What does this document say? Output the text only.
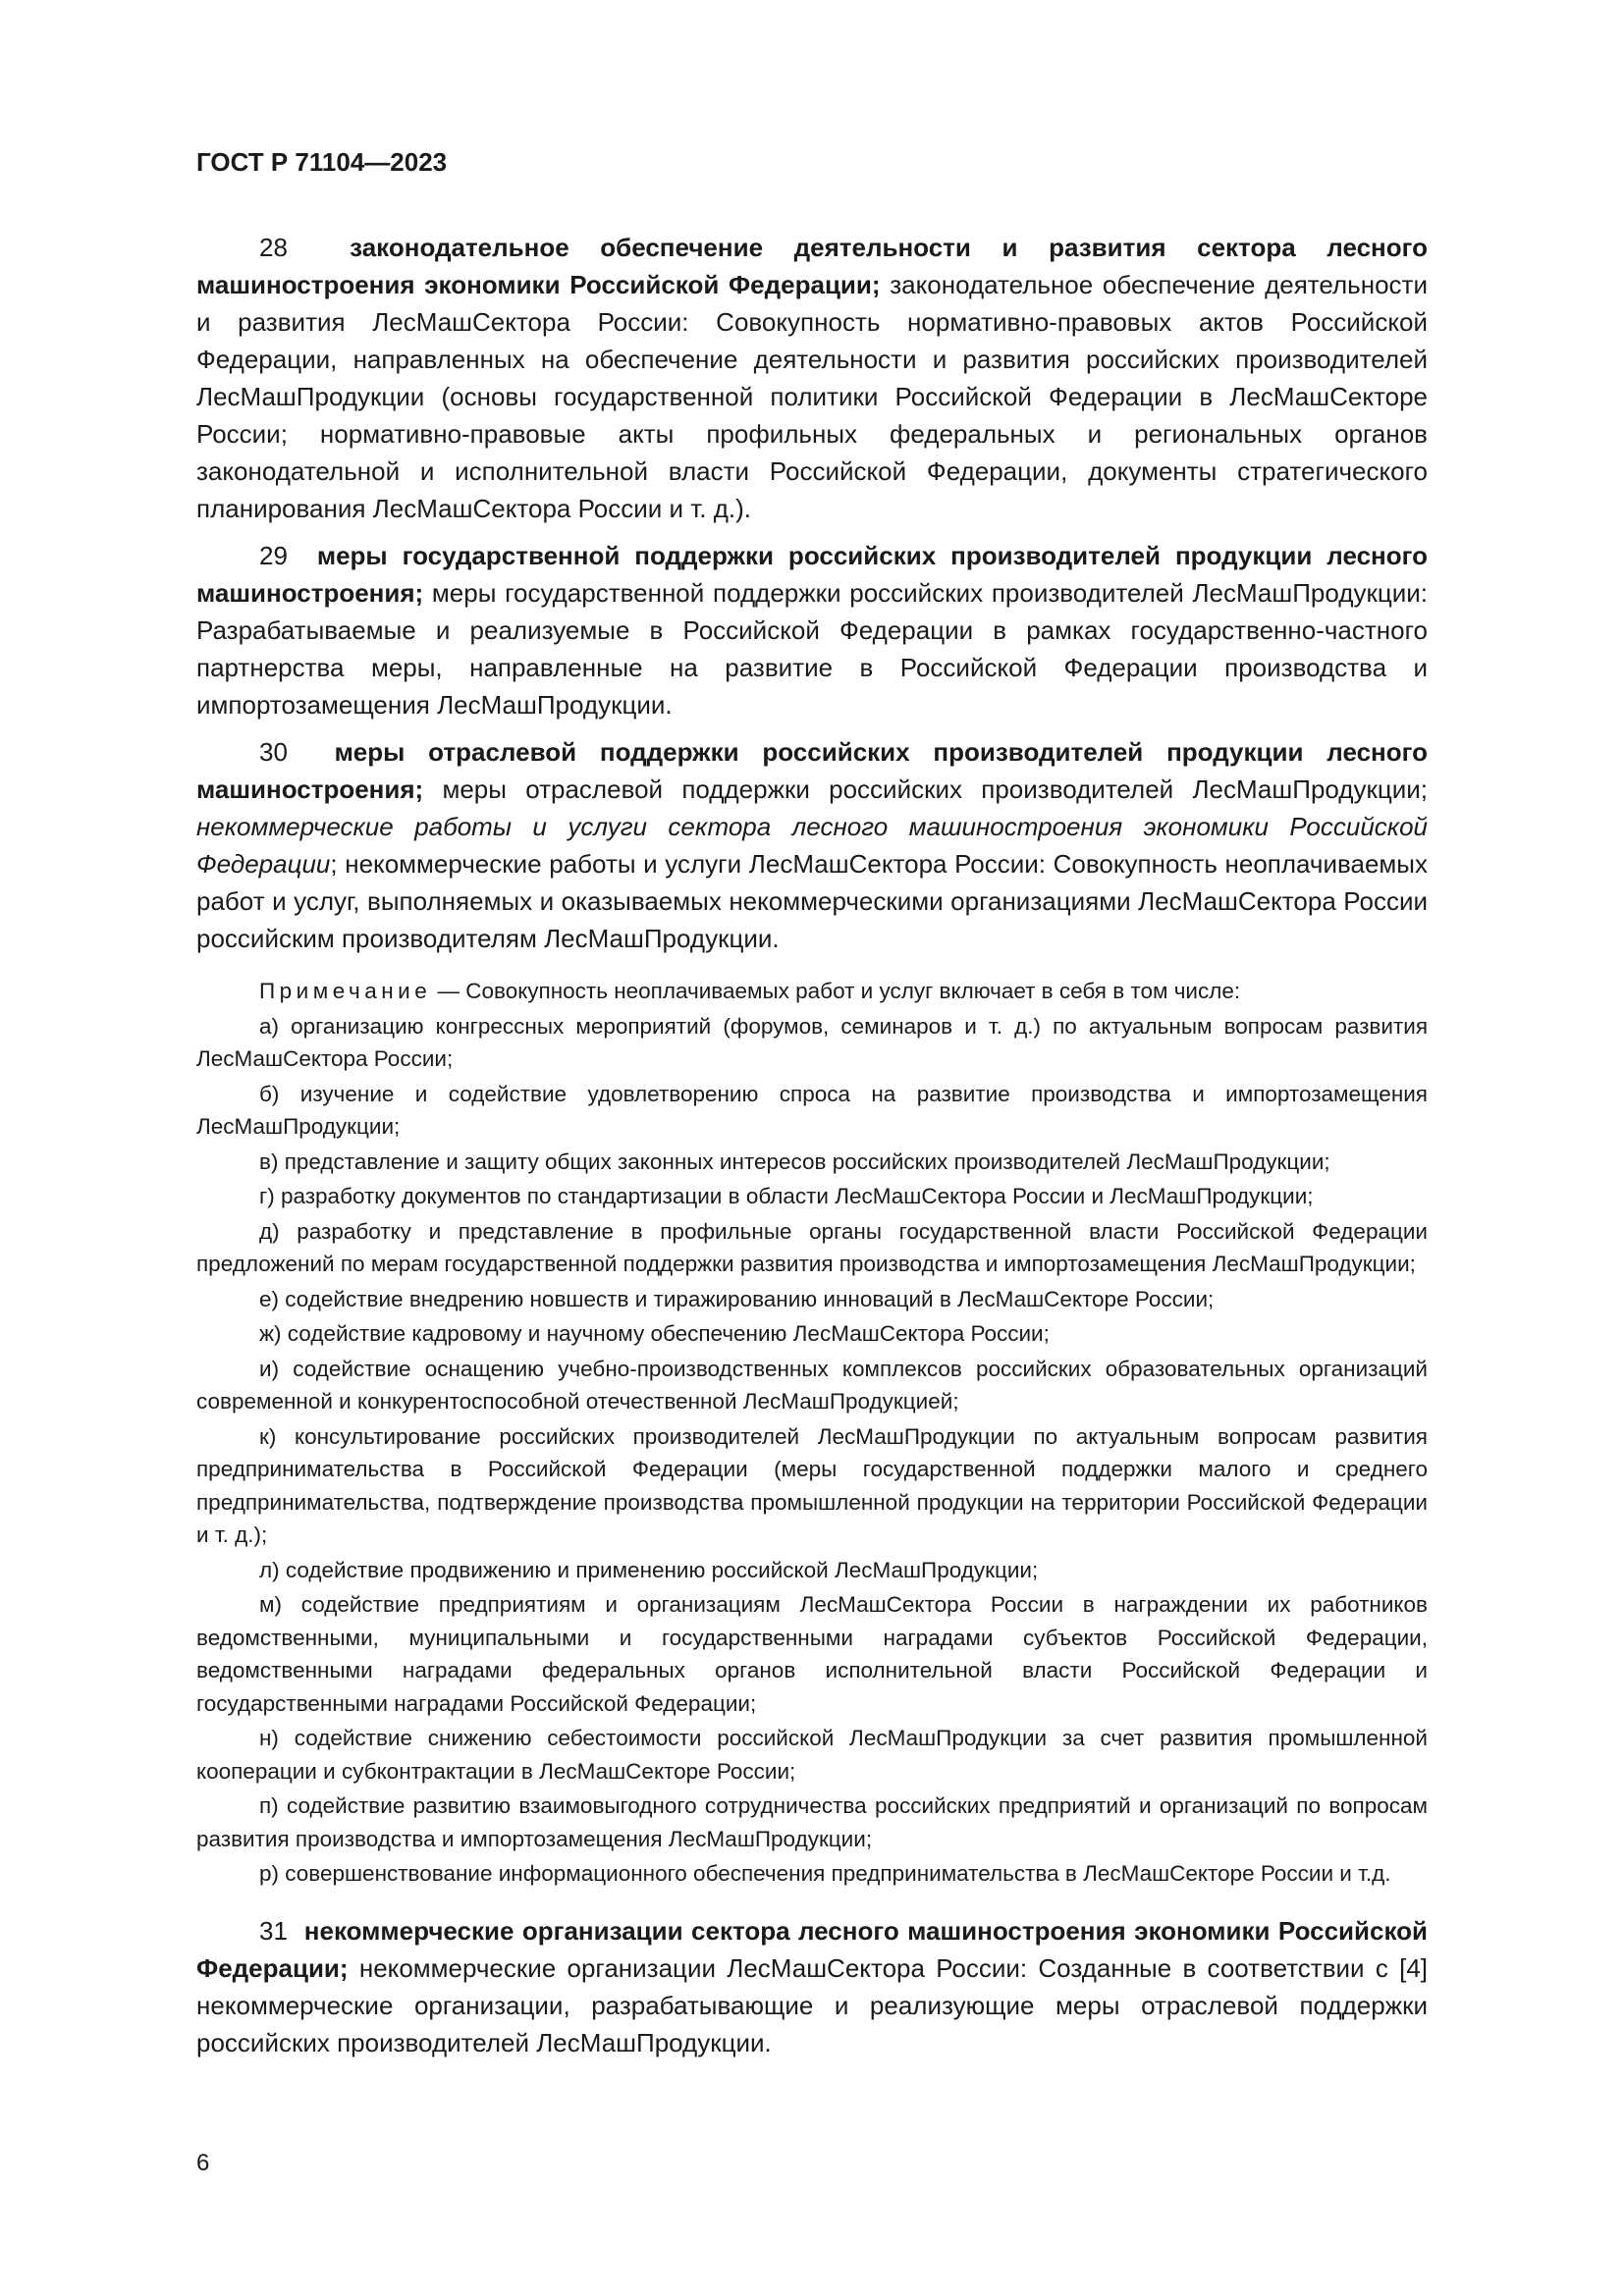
ГОСТ Р 71104—2023

28 законодательное обеспечение деятельности и развития сектора лесного машиностроения экономики Российской Федерации; законодательное обеспечение деятельности и развития ЛесМашСектора России: Совокупность нормативно-правовых актов Российской Федерации, направленных на обеспечение деятельности и развития российских производителей ЛесМашПродукции (основы государственной политики Российской Федерации в ЛесМашСекторе России; нормативно-правовые акты профильных федеральных и региональных органов законодательной и исполнительной власти Российской Федерации, документы стратегического планирования ЛесМашСектора России и т. д.).

29 меры государственной поддержки российских производителей продукции лесного машиностроения; меры государственной поддержки российских производителей ЛесМашПродукции: Разрабатываемые и реализуемые в Российской Федерации в рамках государственно-частного партнерства меры, направленные на развитие в Российской Федерации производства и импортозамещения ЛесМашПродукции.

30 меры отраслевой поддержки российских производителей продукции лесного машиностроения; меры отраслевой поддержки российских производителей ЛесМашПродукции; некоммерческие работы и услуги сектора лесного машиностроения экономики Российской Федерации; некоммерческие работы и услуги ЛесМашСектора России: Совокупность неоплачиваемых работ и услуг, выполняемых и оказываемых некоммерческими организациями ЛесМашСектора России российским производителям ЛесМашПродукции.

Примечание — Совокупность неоплачиваемых работ и услуг включает в себя в том числе:

а) организацию конгрессных мероприятий (форумов, семинаров и т. д.) по актуальным вопросам развития ЛесМашСектора России;

б) изучение и содействие удовлетворению спроса на развитие производства и импортозамещения ЛесМашПродукции;

в) представление и защиту общих законных интересов российских производителей ЛесМашПродукции;

г) разработку документов по стандартизации в области ЛесМашСектора России и ЛесМашПродукции;

д) разработку и представление в профильные органы государственной власти Российской Федерации предложений по мерам государственной поддержки развития производства и импортозамещения ЛесМашПродукции;

е) содействие внедрению новшеств и тиражированию инноваций в ЛесМашСекторе России;

ж) содействие кадровому и научному обеспечению ЛесМашСектора России;

и) содействие оснащению учебно-производственных комплексов российских образовательных организаций современной и конкурентоспособной отечественной ЛесМашПродукцией;

к) консультирование российских производителей ЛесМашПродукции по актуальным вопросам развития предпринимательства в Российской Федерации (меры государственной поддержки малого и среднего предпринимательства, подтверждение производства промышленной продукции на территории Российской Федерации и т. д.);

л) содействие продвижению и применению российской ЛесМашПродукции;

м) содействие предприятиям и организациям ЛесМашСектора России в награждении их работников ведомственными, муниципальными и государственными наградами субъектов Российской Федерации, ведомственными наградами федеральных органов исполнительной власти Российской Федерации и государственными наградами Российской Федерации;

н) содействие снижению себестоимости российской ЛесМашПродукции за счет развития промышленной кооперации и субконтрактации в ЛесМашСекторе России;

п) содействие развитию взаимовыгодного сотрудничества российских предприятий и организаций по вопросам развития производства и импортозамещения ЛесМашПродукции;

р) совершенствование информационного обеспечения предпринимательства в ЛесМашСекторе России и т.д.

31 некоммерческие организации сектора лесного машиностроения экономики Российской Федерации; некоммерческие организации ЛесМашСектора России: Созданные в соответствии с [4] некоммерческие организации, разрабатывающие и реализующие меры отраслевой поддержки российских производителей ЛесМашПродукции.

6
